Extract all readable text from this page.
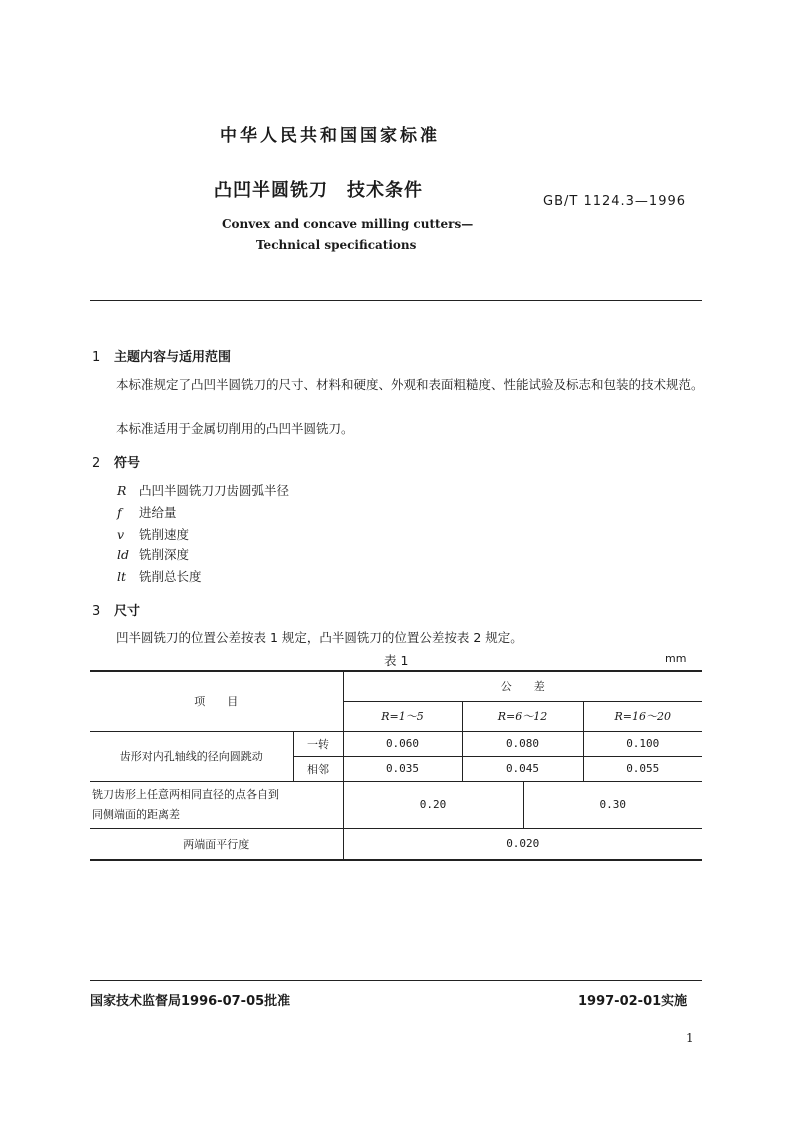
中华人民共和国国家标准
凸凹半圆铣刀　技术条件
GB/T 1124.3—1996
Convex and concave milling cutters—
Technical specifications
1 主题内容与适用范围
本标准规定了凸凹半圆铣刀的尺寸、材料和硬度、外观和表面粗糙度、性能试验及标志和包装的技术规范。
本标准适用于金属切削用的凸凹半圆铣刀。
2 符号
R 凸凹半圆铣刀刀齿圆弧半径
f 进给量
v 铣削速度
ld 铣削深度
lt 铣削总长度
3 尺寸
凹半圆铣刀的位置公差按表 1 规定，凸半圆铣刀的位置公差按表 2 规定。
表 1	mm
项　　目		公　　差			
		R=1～5	R=6～12		R=16～20
齿形对内孔轴线的径向圆跳动	一转	0.060	0.080		0.100
	相邻	0.035	0.045		0.055

铣刀齿形上任意两相同直径的点各自到
同侧端面的距离差		0.20		0.30	
两端面平行度		0.020			
国家技术监督局1996-07-05批准	1997-02-01实施
1
